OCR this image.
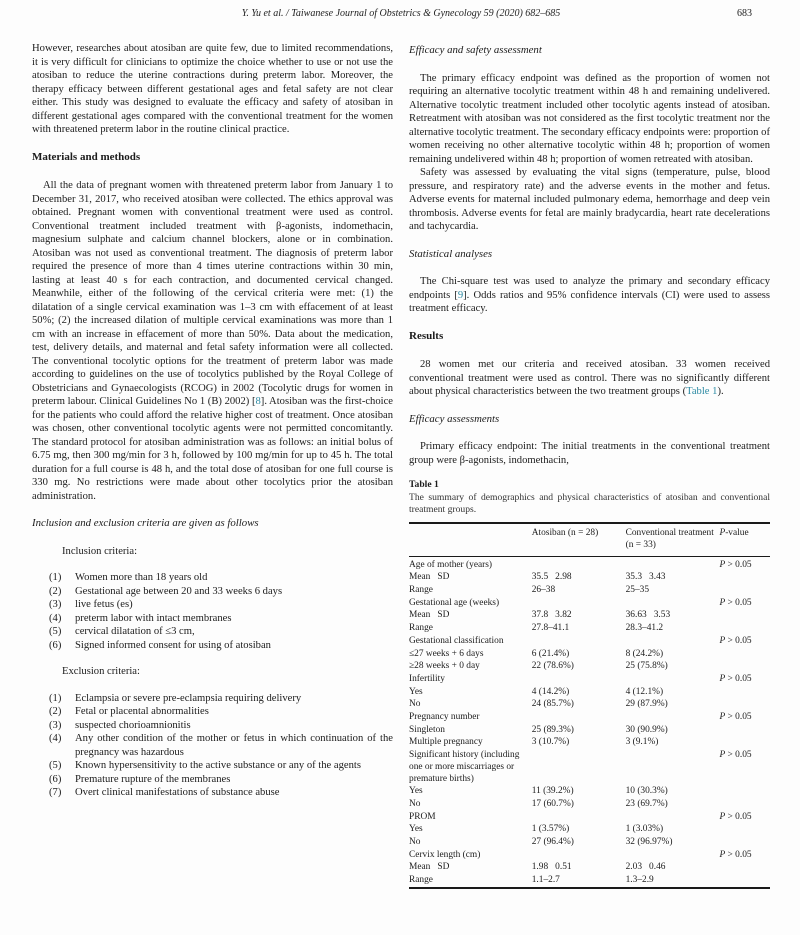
Y. Yu et al. / Taiwanese Journal of Obstetrics & Gynecology 59 (2020) 682–685	683

However, researches about atosiban are quite few, due to limited recommendations, it is very difficult for clinicians to optimize the choice whether to use or not use the atosiban to reduce the uterine contractions during preterm labor. Moreover, the therapy efficacy between different gestational ages and fetal safety are not clear either. This study was designed to evaluate the efficacy and safety of atosiban in different gestational ages compared with the conventional treatment for the women with threatened preterm labor in the routine clinical practice.

Materials and methods

All the data of pregnant women with threatened preterm labor from January 1 to December 31, 2017, who received atosiban were collected. The ethics approval was obtained. Pregnant women with conventional treatment were used as control. Conventional treatment included treatment with β-agonists, indomethacin, magnesium sulphate and calcium channel blockers, alone or in combination. Atosiban was not used as conventional treatment. The diagnosis of preterm labor required the presence of more than 4 times uterine contractions within 30 min, lasting at least 40 s for each contraction, and documented cervical changed. Meanwhile, either of the following of the cervical criteria were met: (1) the dilatation of a single cervical examination was 1–3 cm with effacement of at least 50%; (2) the increased dilation of multiple cervical examinations was more than 1 cm with an increase in effacement of more than 50%. Data about the medication, test, delivery details, and maternal and fetal safety information were all collected. The conventional tocolytic options for the treatment of preterm labor was made according to guidelines on the use of tocolytics published by the Royal College of Obstetricians and Gynaecologists (RCOG) in 2002 (Tocolytic drugs for women in preterm labour. Clinical Guidelines No 1 (B) 2002) [8]. Atosiban was the first-choice for the patients who could afford the relative higher cost of treatment. Once atosiban was chosen, other conventional tocolytic agents were not permitted concomitantly. The standard protocol for atosiban administration was as follows: an initial bolus of 6.75 mg, then 300 mg/min for 3 h, followed by 100 mg/min for up to 45 h. The total duration for a full course is 48 h, and the total dose of atosiban for one full course is 330 mg. No restrictions were made about other tocolytics prior the atosiban administration.

Inclusion and exclusion criteria are given as follows
Inclusion criteria:
(1)	Women more than 18 years old
(2)	Gestational age between 20 and 33 weeks 6 days
(3)	live fetus (es)
(4)	preterm labor with intact membranes
(5)	cervical dilatation of ≤3 cm,
(6)	Signed informed consent for using of atosiban
Exclusion criteria:
(1)	Eclampsia or severe pre-eclampsia requiring delivery
(2)	Fetal or placental abnormalities
(3)	suspected chorioamnionitis
(4)	Any other condition of the mother or fetus in which continuation of the pregnancy was hazardous
(5)	Known hypersensitivity to the active substance or any of the agents
(6)	Premature rupture of the membranes
(7)	Overt clinical manifestations of substance abuse
Efficacy and safety assessment

The primary efficacy endpoint was defined as the proportion of women not requiring an alternative tocolytic treatment within 48 h and remaining undelivered. Alternative tocolytic treatment included other tocolytic agents instead of atosiban. Retreatment with atosiban was not considered as the first tocolytic treatment nor the alternative tocolytic treatment. The secondary efficacy endpoints were: proportion of women receiving no other alternative tocolytic within 48 h; proportion of women remaining undelivered within 48 h; proportion of women retreated with atosiban.

Safety was assessed by evaluating the vital signs (temperature, pulse, blood pressure, and respiratory rate) and the adverse events in the mother and fetus. Adverse events for maternal included pulmonary edema, hemorrhage and deep vein thrombosis. Adverse events for fetal are mainly bradycardia, heart rate decelerations and tachycardia.

Statistical analyses

The Chi-square test was used to analyze the primary and secondary efficacy endpoints [9]. Odds ratios and 95% confidence intervals (CI) were used to assess treatment efficacy.

Results

28 women met our criteria and received atosiban. 33 women received conventional treatment were used as control. There was no significantly different about physical characteristics between the two treatment groups (Table 1).

Efficacy assessments

Primary efficacy endpoint: The initial treatments in the conventional treatment group were β-agonists, indomethacin,

Table 1
The summary of demographics and physical characteristics of atosiban and conventional treatment groups.
	Atosiban (n = 28)	Conventional treatment (n = 33)	P-value
Age of mother (years)			P > 0.05
Mean   SD	35.5   2.98	35.3   3.43	
Range	26–38	25–35	
Gestational age (weeks)			P > 0.05
Mean   SD	37.8   3.82	36.63   3.53	
Range	27.8–41.1	28.3–41.2	
Gestational classification			P > 0.05
≤27 weeks + 6 days	6 (21.4%)	8 (24.2%)	
≥28 weeks + 0 day	22 (78.6%)	25 (75.8%)	
Infertility			P > 0.05
Yes	4 (14.2%)	4 (12.1%)	
No	24 (85.7%)	29 (87.9%)	
Pregnancy number			P > 0.05
Singleton	25 (89.3%)	30 (90.9%)	
Multiple pregnancy	3 (10.7%)	3 (9.1%)	
Significant history (including one or more miscarriages or premature births)			P > 0.05
Yes	11 (39.2%)	10 (30.3%)	
No	17 (60.7%)	23 (69.7%)	
PROM			P > 0.05
Yes	1 (3.57%)	1 (3.03%)	
No	27 (96.4%)	32 (96.97%)	
Cervix length (cm)			P > 0.05
Mean   SD	1.98   0.51	2.03   0.46	
Range	1.1–2.7	1.3–2.9	
